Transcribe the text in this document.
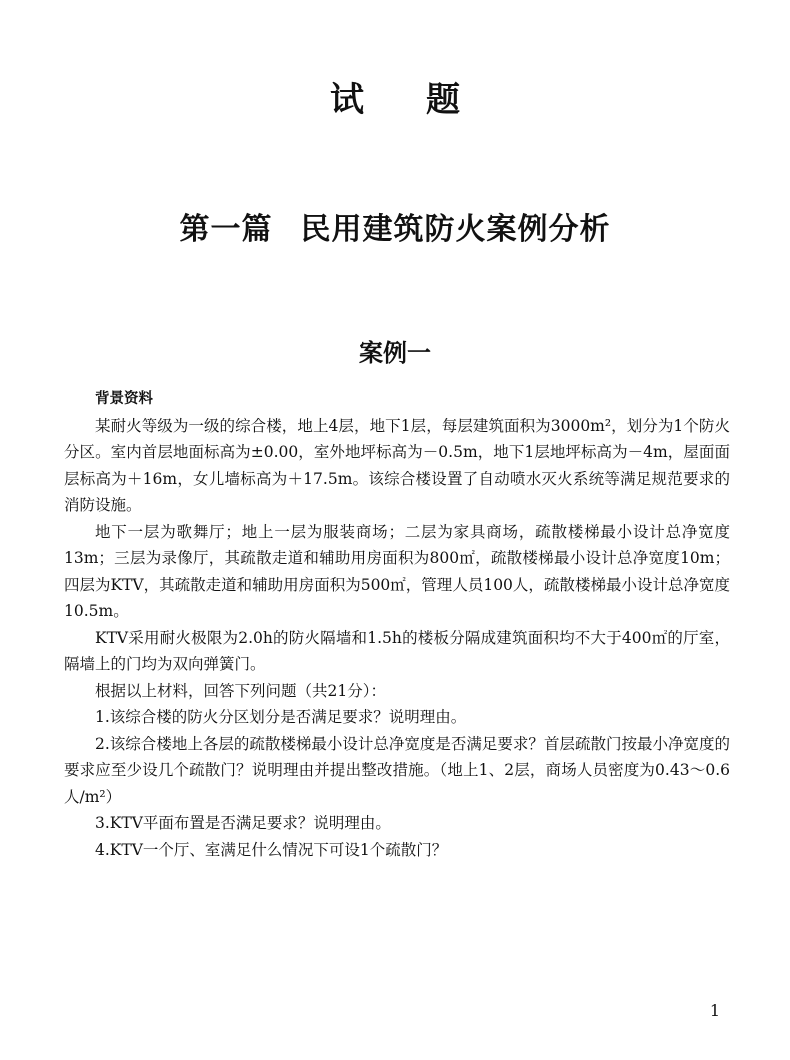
试题
第一篇 民用建筑防火案例分析
案例一

背景资料

某耐火等级为一级的综合楼，地上4层，地下1层，每层建筑面积为3000m²，划分为1个防火分区。室内首层地面标高为±0.00，室外地坪标高为－0.5m，地下1层地坪标高为－4m，屋面面层标高为＋16m，女儿墙标高为＋17.5m。该综合楼设置了自动喷水灭火系统等满足规范要求的消防设施。

地下一层为歌舞厅；地上一层为服装商场；二层为家具商场，疏散楼梯最小设计总净宽度13m；三层为录像厅，其疏散走道和辅助用房面积为800㎡，疏散楼梯最小设计总净宽度10m；四层为KTV，其疏散走道和辅助用房面积为500㎡，管理人员100人，疏散楼梯最小设计总净宽度10.5m。

KTV采用耐火极限为2.0h的防火隔墙和1.5h的楼板分隔成建筑面积均不大于400㎡的厅室，隔墙上的门均为双向弹簧门。

根据以上材料，回答下列问题（共21分）：

1.该综合楼的防火分区划分是否满足要求？说明理由。

2.该综合楼地上各层的疏散楼梯最小设计总净宽度是否满足要求？首层疏散门按最小净宽度的要求应至少设几个疏散门？说明理由并提出整改措施。（地上1、2层，商场人员密度为0.43～0.6人/m²）

3.KTV平面布置是否满足要求？说明理由。

4.KTV一个厅、室满足什么情况下可设1个疏散门？

1
